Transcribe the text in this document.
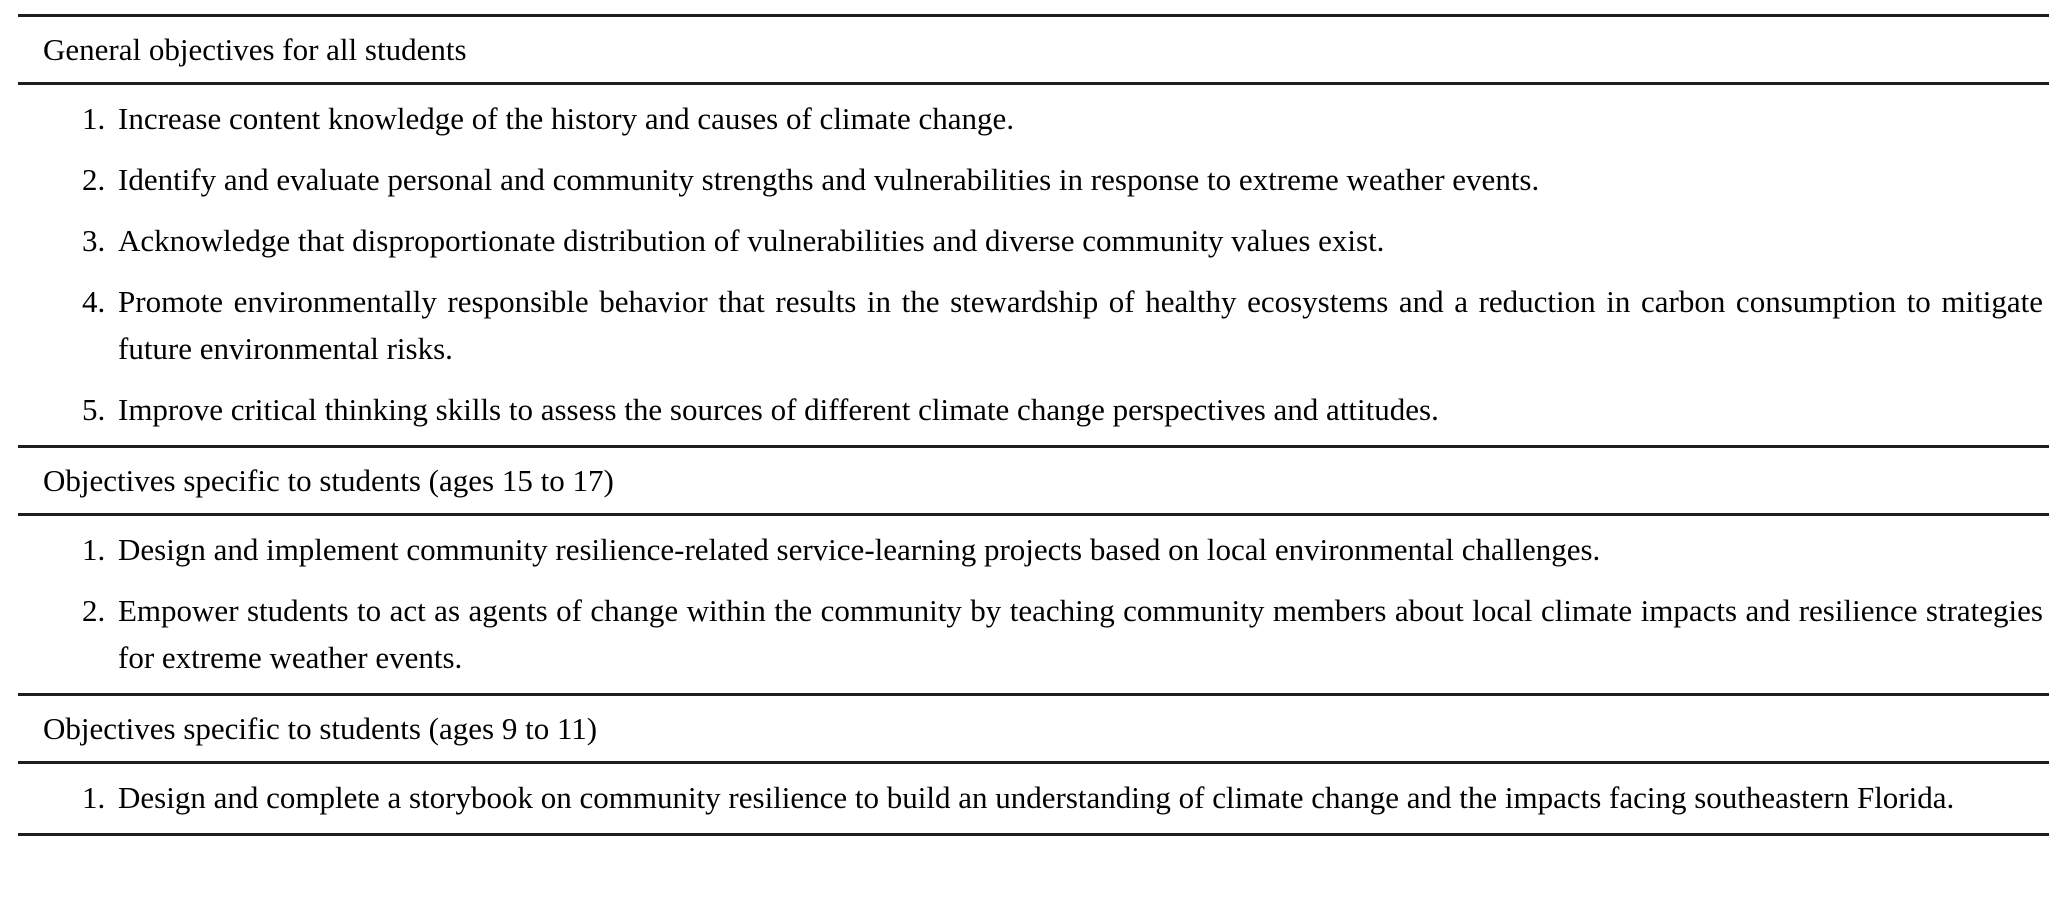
General objectives for all students
1. Increase content knowledge of the history and causes of climate change.
2. Identify and evaluate personal and community strengths and vulnerabilities in response to extreme weather events.
3. Acknowledge that disproportionate distribution of vulnerabilities and diverse community values exist.
4. Promote environmentally responsible behavior that results in the stewardship of healthy ecosystems and a reduction in carbon consumption to mitigate future environmental risks.
5. Improve critical thinking skills to assess the sources of different climate change perspectives and attitudes.
Objectives specific to students (ages 15 to 17)
1. Design and implement community resilience-related service-learning projects based on local environmental challenges.
2. Empower students to act as agents of change within the community by teaching community members about local climate impacts and resilience strategies for extreme weather events.
Objectives specific to students (ages 9 to 11)
1. Design and complete a storybook on community resilience to build an understanding of climate change and the impacts facing southeastern Florida.
